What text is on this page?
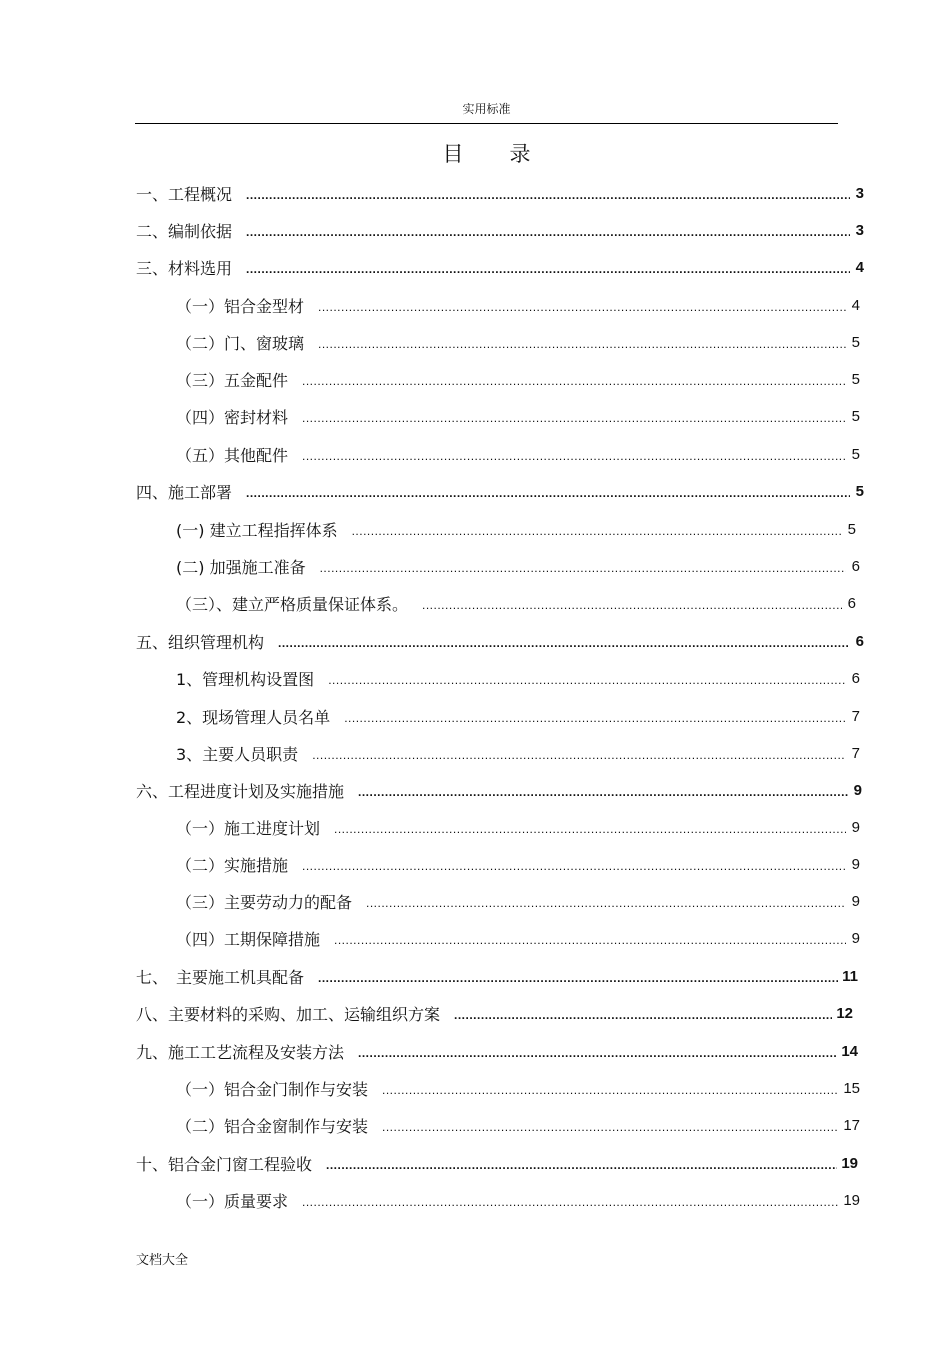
实用标准
目 录
一、工程概况 .....	3
二、编制依据 .....	3
三、材料选用 .....	4
（一）铝合金型材 .....	4
（二）门、窗玻璃 .....	5
（三）五金配件 .....	5
（四）密封材料 .....	5
（五）其他配件 .....	5
四、施工部署 .....	5
(一) 建立工程指挥体系 .....	5
(二) 加强施工准备 .....	6
（三）、建立严格质量保证体系。 .....	6
五、组织管理机构 .....	6
1、管理机构设置图 .....	6
2、现场管理人员名单 .....	7
3、主要人员职责 .....	7
六、工程进度计划及实施措施 .....	9
（一）施工进度计划 .....	9
（二）实施措施 .....	9
（三）主要劳动力的配备 .....	9
（四）工期保障措施 .....	9
七、　主要施工机具配备 .....	11
八、主要材料的采购、加工、运输组织方案 .....	12
九、施工工艺流程及安装方法 .....	14
（一）铝合金门制作与安装 .....	15
（二）铝合金窗制作与安装 .....	17
十、铝合金门窗工程验收 .....	19
（一）质量要求 .....	19
文档大全
